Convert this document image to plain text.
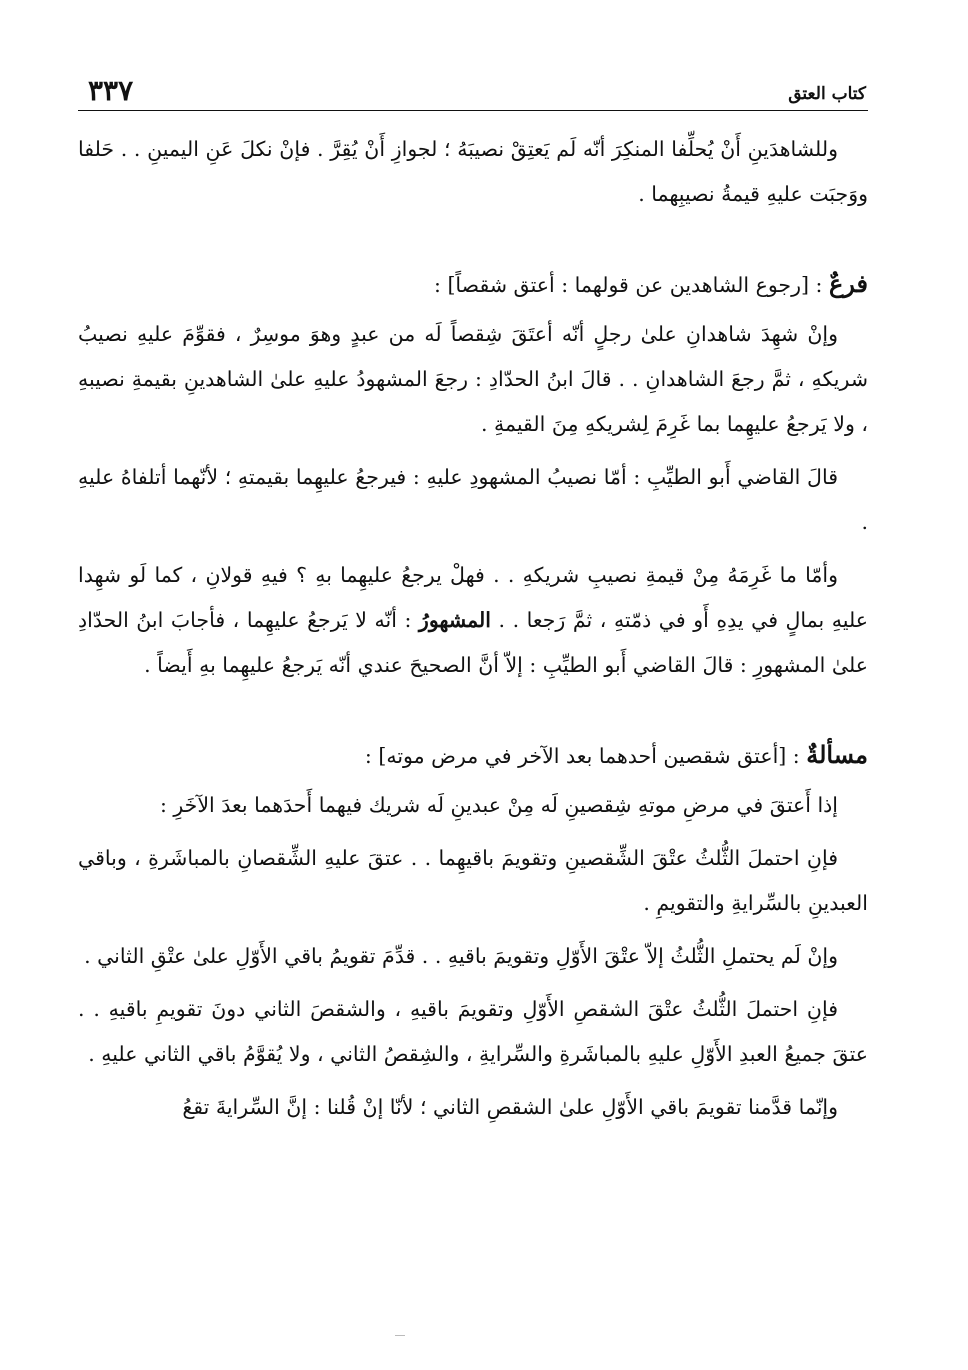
كتاب العتق
٣٣٧

وللشاهدَينِ أَنْ يُحلِّفا المنكِرَ أنّه لَم يَعتِقْ نصيبَهُ ؛ لجوازِ أَنْ يُقِرَّ . فإنْ نكلَ عَنِ اليمينِ . . حَلفا ووَجبَت عليهِ قيمةُ نصيبِهما .

فرعٌ : [رجوع الشاهدين عن قولهما : أعتق شقصاً] :

وإنْ شهِدَ شاهدانِ علىٰ رجلٍ أنّه أعتَقَ شِقصاً لَه من عبدٍ وهوَ موسِرٌ ، فقوِّمَ عليهِ نصيبُ شريكهِ ، ثمَّ رجعَ الشاهدانِ . . قالَ ابنُ الحدّادِ : رجعَ المشهودُ عليهِ علىٰ الشاهدينِ بقيمةِ نصيبهِ ، ولا يَرجعُ عليهِما بما غَرِمَ لِشريكهِ مِنَ القيمةِ .

قالَ القاضي أَبو الطيِّبِ : أمّا نصيبُ المشهودِ عليهِ : فيرجعُ عليهِما بقيمتهِ ؛ لأنّهما أتلفاهُ عليهِ .

وأمّا ما غَرِمَهُ مِنْ قيمةِ نصيبِ شريكهِ . . فهلْ يرجعُ عليهِما بهِ ؟ فيهِ قولانِ ، كما لَو شهِدا عليهِ بمالٍ في يدِهِ أَو في ذمّتهِ ، ثمَّ رَجعا . . المشهورُ : أنّه لا يَرجعُ عليهِما ، فأجابَ ابنُ الحدّادِ علىٰ المشهورِ : قالَ القاضي أَبو الطيِّبِ : إلاّ أنَّ الصحيحَ عندي أنّه يَرجعُ عليهِما بهِ أَيضاً .

مسألةٌ : [أعتق شقصين أحدهما بعد الآخر في مرض موته] :

إذا أَعتقَ في مرضِ موتهِ شِقصينِ لَه مِنْ عبدينِ لَه شريك فيهما أَحدَهما بعدَ الآخَرِ :

فإنِ احتملَ الثُّلثُ عتْقَ الشِّقصينِ وتقويمَ باقيهِما . . عتقَ عليهِ الشِّقصانِ بالمباشَرةِ ، وباقي العبدينِ بالسِّرايةِ والتقويمِ .

وإنْ لَم يحتملِ الثُّلثُ إلاّ عتْقَ الأَوّلِ وتقويمَ باقيهِ . . قدِّمَ تقويمُ باقي الأَوّلِ علىٰ عتْقِ الثاني .

فإنِ احتملَ الثُّلثُ عتْقَ الشقصِ الأَوّلِ وتقويمَ باقيهِ ، والشقصَ الثاني دونَ تقويمِ باقيهِ . . عتقَ جميعُ العبدِ الأَوّلِ عليهِ بالمباشَرةِ والسِّرايةِ ، والشِقصُ الثاني ، ولا يُقوَّمُ باقي الثاني عليهِ .

وإنّما قدَّمنا تقويمَ باقي الأَوّلِ علىٰ الشقصِ الثاني ؛ لأنّا إنْ قُلنا : إنَّ السِّرايةَ تقعُ
